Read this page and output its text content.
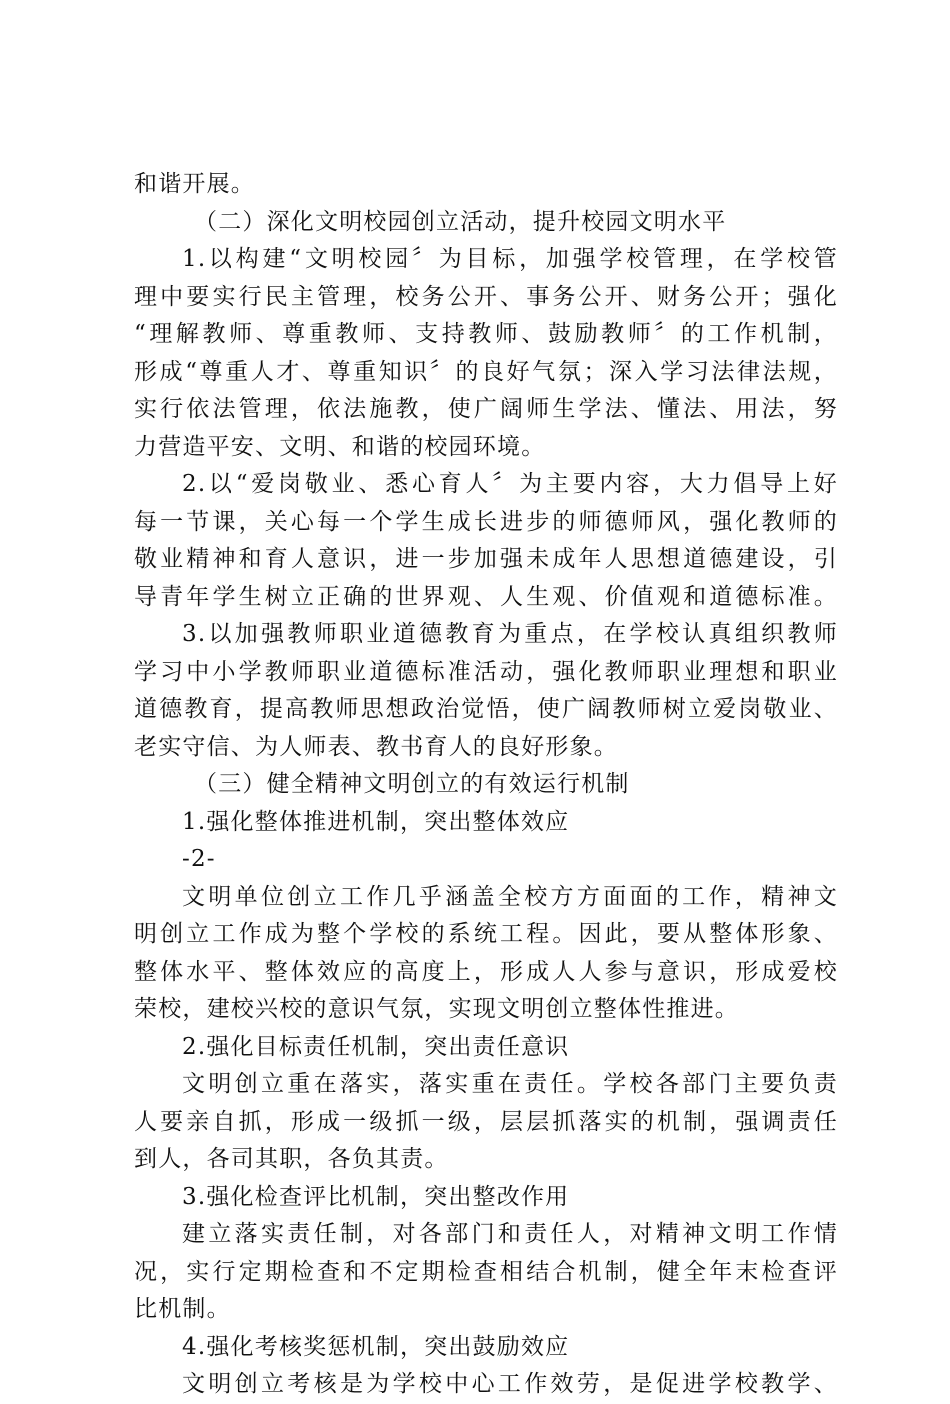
和谐开展。
（二）深化文明校园创立活动，提升校园文明水平
1.以构建“文明校园〞为目标，加强学校管理，在学校管
理中要实行民主管理，校务公开、事务公开、财务公开；强化
“理解教师、尊重教师、支持教师、鼓励教师〞的工作机制，
形成“尊重人才、尊重知识〞的良好气氛；深入学习法律法规，
实行依法管理，依法施教，使广阔师生学法、懂法、用法，努
力营造平安、文明、和谐的校园环境。
2.以“爱岗敬业、悉心育人〞为主要内容，大力倡导上好
每一节课，关心每一个学生成长进步的师德师风，强化教师的
敬业精神和育人意识，进一步加强未成年人思想道德建设，引
导青年学生树立正确的世界观、人生观、价值观和道德标准。
3.以加强教师职业道德教育为重点，在学校认真组织教师
学习中小学教师职业道德标准活动，强化教师职业理想和职业
道德教育，提高教师思想政治觉悟，使广阔教师树立爱岗敬业、
老实守信、为人师表、教书育人的良好形象。
（三）健全精神文明创立的有效运行机制
1.强化整体推进机制，突出整体效应
-2-
文明单位创立工作几乎涵盖全校方方面面的工作，精神文
明创立工作成为整个学校的系统工程。因此，要从整体形象、
整体水平、整体效应的高度上，形成人人参与意识，形成爱校
荣校，建校兴校的意识气氛，实现文明创立整体性推进。
2.强化目标责任机制，突出责任意识
文明创立重在落实，落实重在责任。学校各部门主要负责
人要亲自抓，形成一级抓一级，层层抓落实的机制，强调责任
到人，各司其职，各负其责。
3.强化检查评比机制，突出整改作用
建立落实责任制，对各部门和责任人，对精神文明工作情
况，实行定期检查和不定期检查相结合机制，健全年末检查评
比机制。
4.强化考核奖惩机制，突出鼓励效应
文明创立考核是为学校中心工作效劳，是促进学校教学、
